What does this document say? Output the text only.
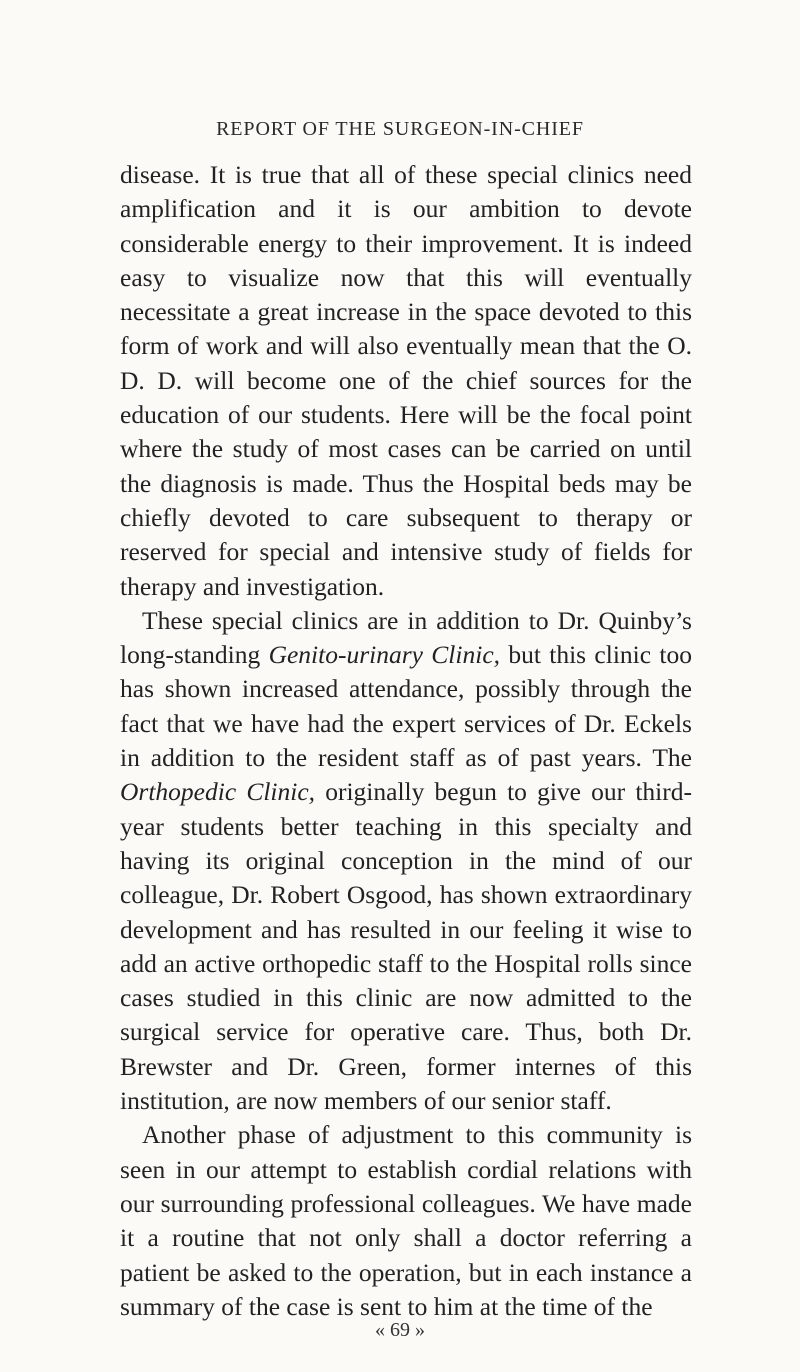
REPORT OF THE SURGEON-IN-CHIEF

disease. It is true that all of these special clinics need amplification and it is our ambition to devote considerable energy to their improvement. It is indeed easy to visualize now that this will eventually necessitate a great increase in the space devoted to this form of work and will also eventually mean that the O. D. D. will become one of the chief sources for the education of our students. Here will be the focal point where the study of most cases can be carried on until the diagnosis is made. Thus the Hospital beds may be chiefly devoted to care subsequent to therapy or reserved for special and intensive study of fields for therapy and investigation.

These special clinics are in addition to Dr. Quinby’s long-standing Genito-urinary Clinic, but this clinic too has shown increased attendance, possibly through the fact that we have had the expert services of Dr. Eckels in addition to the resident staff as of past years. The Orthopedic Clinic, originally begun to give our third-year students better teaching in this specialty and having its original conception in the mind of our colleague, Dr. Robert Osgood, has shown extraordinary development and has resulted in our feeling it wise to add an active orthopedic staff to the Hospital rolls since cases studied in this clinic are now admitted to the surgical service for operative care. Thus, both Dr. Brewster and Dr. Green, former internes of this institution, are now members of our senior staff.

Another phase of adjustment to this community is seen in our attempt to establish cordial relations with our surrounding professional colleagues. We have made it a routine that not only shall a doctor referring a patient be asked to the operation, but in each instance a summary of the case is sent to him at the time of the

« 69 »
